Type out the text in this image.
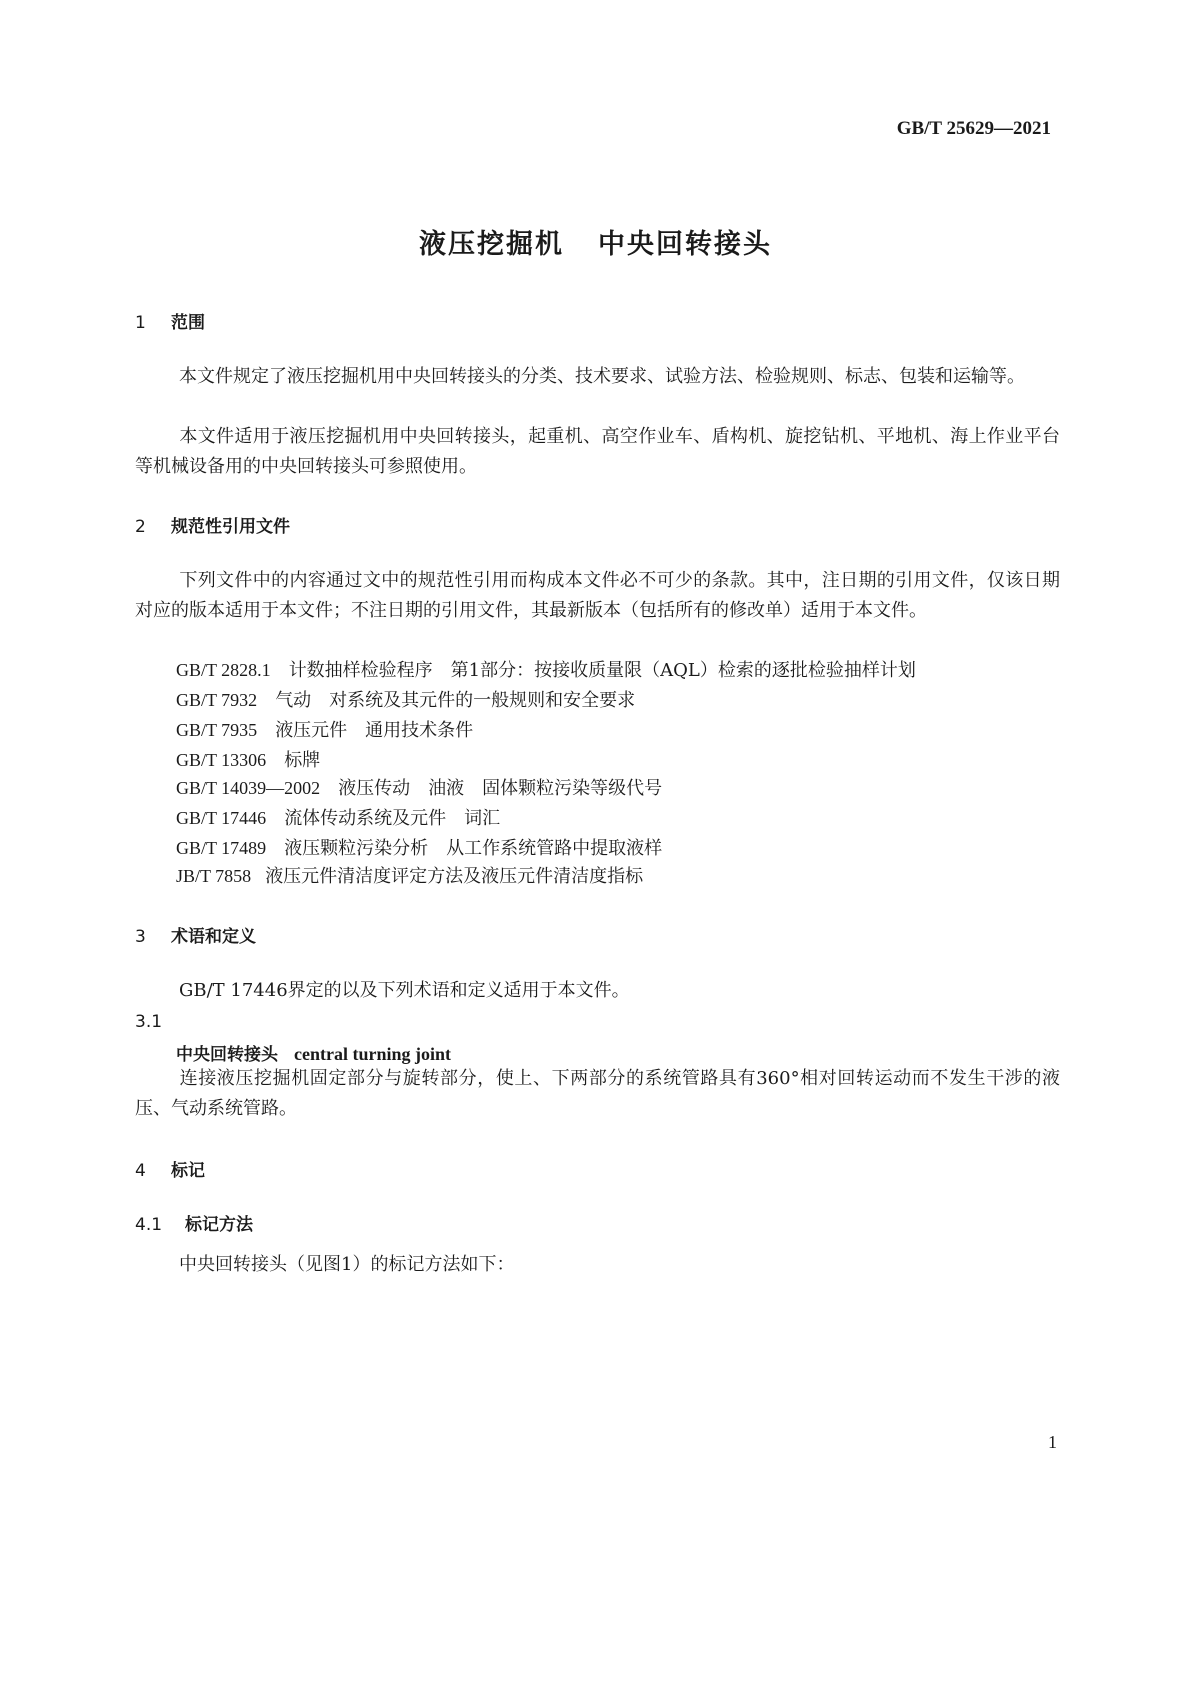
GB/T 25629—2021
液压挖掘机 中央回转接头
1 范围
本文件规定了液压挖掘机用中央回转接头的分类、技术要求、试验方法、检验规则、标志、包装和运输等。
本文件适用于液压挖掘机用中央回转接头，起重机、高空作业车、盾构机、旋挖钻机、平地机、海上作业平台等机械设备用的中央回转接头可参照使用。
2 规范性引用文件
下列文件中的内容通过文中的规范性引用而构成本文件必不可少的条款。其中，注日期的引用文件，仅该日期对应的版本适用于本文件；不注日期的引用文件，其最新版本（包括所有的修改单）适用于本文件。
GB/T 2828.1 计数抽样检验程序　第1部分：按接收质量限（AQL）检索的逐批检验抽样计划
GB/T 7932 气动　对系统及其元件的一般规则和安全要求
GB/T 7935 液压元件　通用技术条件
GB/T 13306 标牌
GB/T 14039—2002 液压传动　油液　固体颗粒污染等级代号
GB/T 17446 流体传动系统及元件　词汇
GB/T 17489 液压颗粒污染分析　从工作系统管路中提取液样
JB/T 7858 液压元件清洁度评定方法及液压元件清洁度指标
3 术语和定义
GB/T 17446界定的以及下列术语和定义适用于本文件。
3.1
中央回转接头 central turning joint
连接液压挖掘机固定部分与旋转部分，使上、下两部分的系统管路具有360°相对回转运动而不发生干涉的液压、气动系统管路。
4 标记
4.1 标记方法
中央回转接头（见图1）的标记方法如下：
1
